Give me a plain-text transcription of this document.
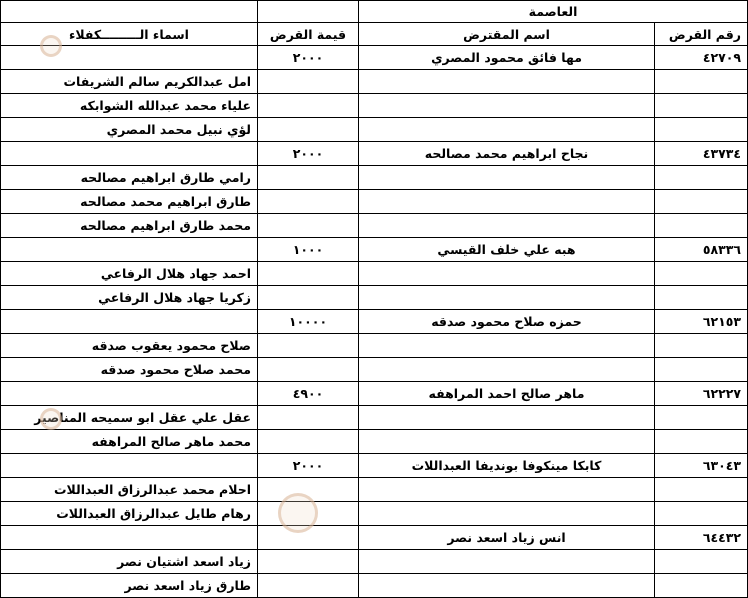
العاصمة			
رقم القرض	اسم المقترض	قيمة القرض	اسماء الـــــــــكفلاء
٤٢٧٠٩	مها فائق محمود المصري	٢٠٠٠	
			امل عبدالكريم سالم الشريفات
			علياء محمد عبدالله الشوابكه
			لؤي نبيل محمد المصري
٤٣٧٣٤	نجاح ابراهيم محمد مصالحه	٢٠٠٠	
			رامي طارق ابراهيم مصالحه
			طارق ابراهيم محمد مصالحه
			محمد طارق ابراهيم مصالحه
٥٨٣٣٦	هبه علي خلف القيسي	١٠٠٠	
			احمد جهاد هلال الرفاعي
			زكريا جهاد هلال الرفاعي
٦٢١٥٣	حمزه صلاح محمود صدقه	١٠٠٠٠	
			صلاح محمود يعقوب صدقه
			محمد صلاح محمود صدقه
٦٢٢٢٧	ماهر صالح احمد المراهفه	٤٩٠٠	
			عقل علي عقل ابو سميحه المناصير
			محمد ماهر صالح المراهفه
٦٣٠٤٣	كابكا مينكوفا بونديفا العبداللات	٢٠٠٠	
			احلام محمد عبدالرزاق العبداللات
			رهام طايل عبدالرزاق العبداللات
٦٤٤٣٢	انس زياد اسعد نصر		
			زياد اسعد اشتيان نصر
			طارق زياد اسعد نصر
